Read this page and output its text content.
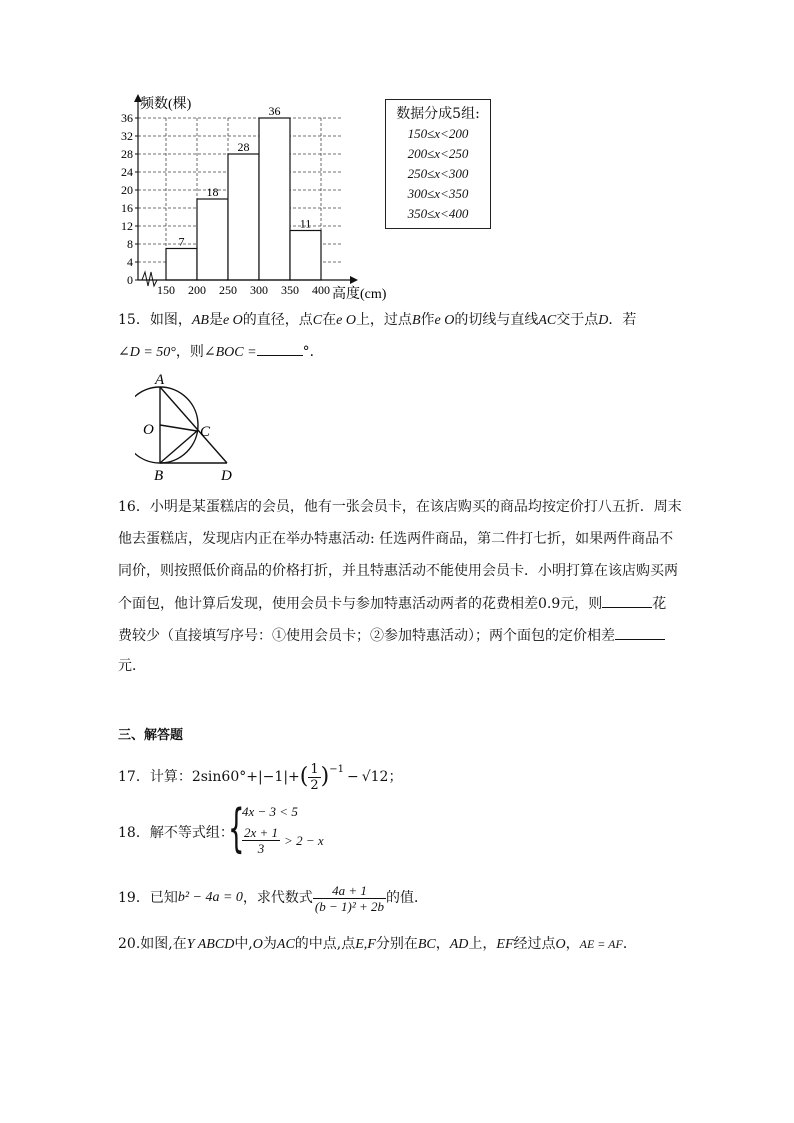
0
4
8
12
16
20
24
28
32
36
150 200 250 300 350 400
7
18
28
36
11
频数(棵)
高度(cm)
数据分成5组:
150≤x<200
200≤x<250
250≤x<300
300≤x<350
350≤x<400
15．如图，AB是e O的直径，点C在e O上，过点B作e O的切线与直线AC交于点D．若
∠D = 50°，则∠BOC =	°．
A
O	C
B	D
16．小明是某蛋糕店的会员，他有一张会员卡，在该店购买的商品均按定价打八五折．周末
他去蛋糕店，发现店内正在举办特惠活动: 任选两件商品，第二件打七折，如果两件商品不
同价，则按照低价商品的价格打折，并且特惠活动不能使用会员卡．小明打算在该店购买两
个面包，他计算后发现，使用会员卡与参加特惠活动两者的花费相差0.9元，则	花
费较少（直接填写序号：①使用会员卡；②参加特惠活动）；两个面包的定价相差
元．
三、解答题
17．计算： 2sin60°+|−1|+ ( $\frac{1}{2} )^{-1} - √12$ ；
18．解不等式组：
{
4x − 3 < 5
$\frac{2x + 1}{3} > 2 - x$
19．已知 b² − 4a = 0 ，求代数式 $\frac{4a + 1}{\text{(b − 1)² + 2b}}$ 的值．
20.如图,在Y ABCD中,O为AC的中点,点E,F分别在BC，AD上，EF经过点O，AE = AF．
